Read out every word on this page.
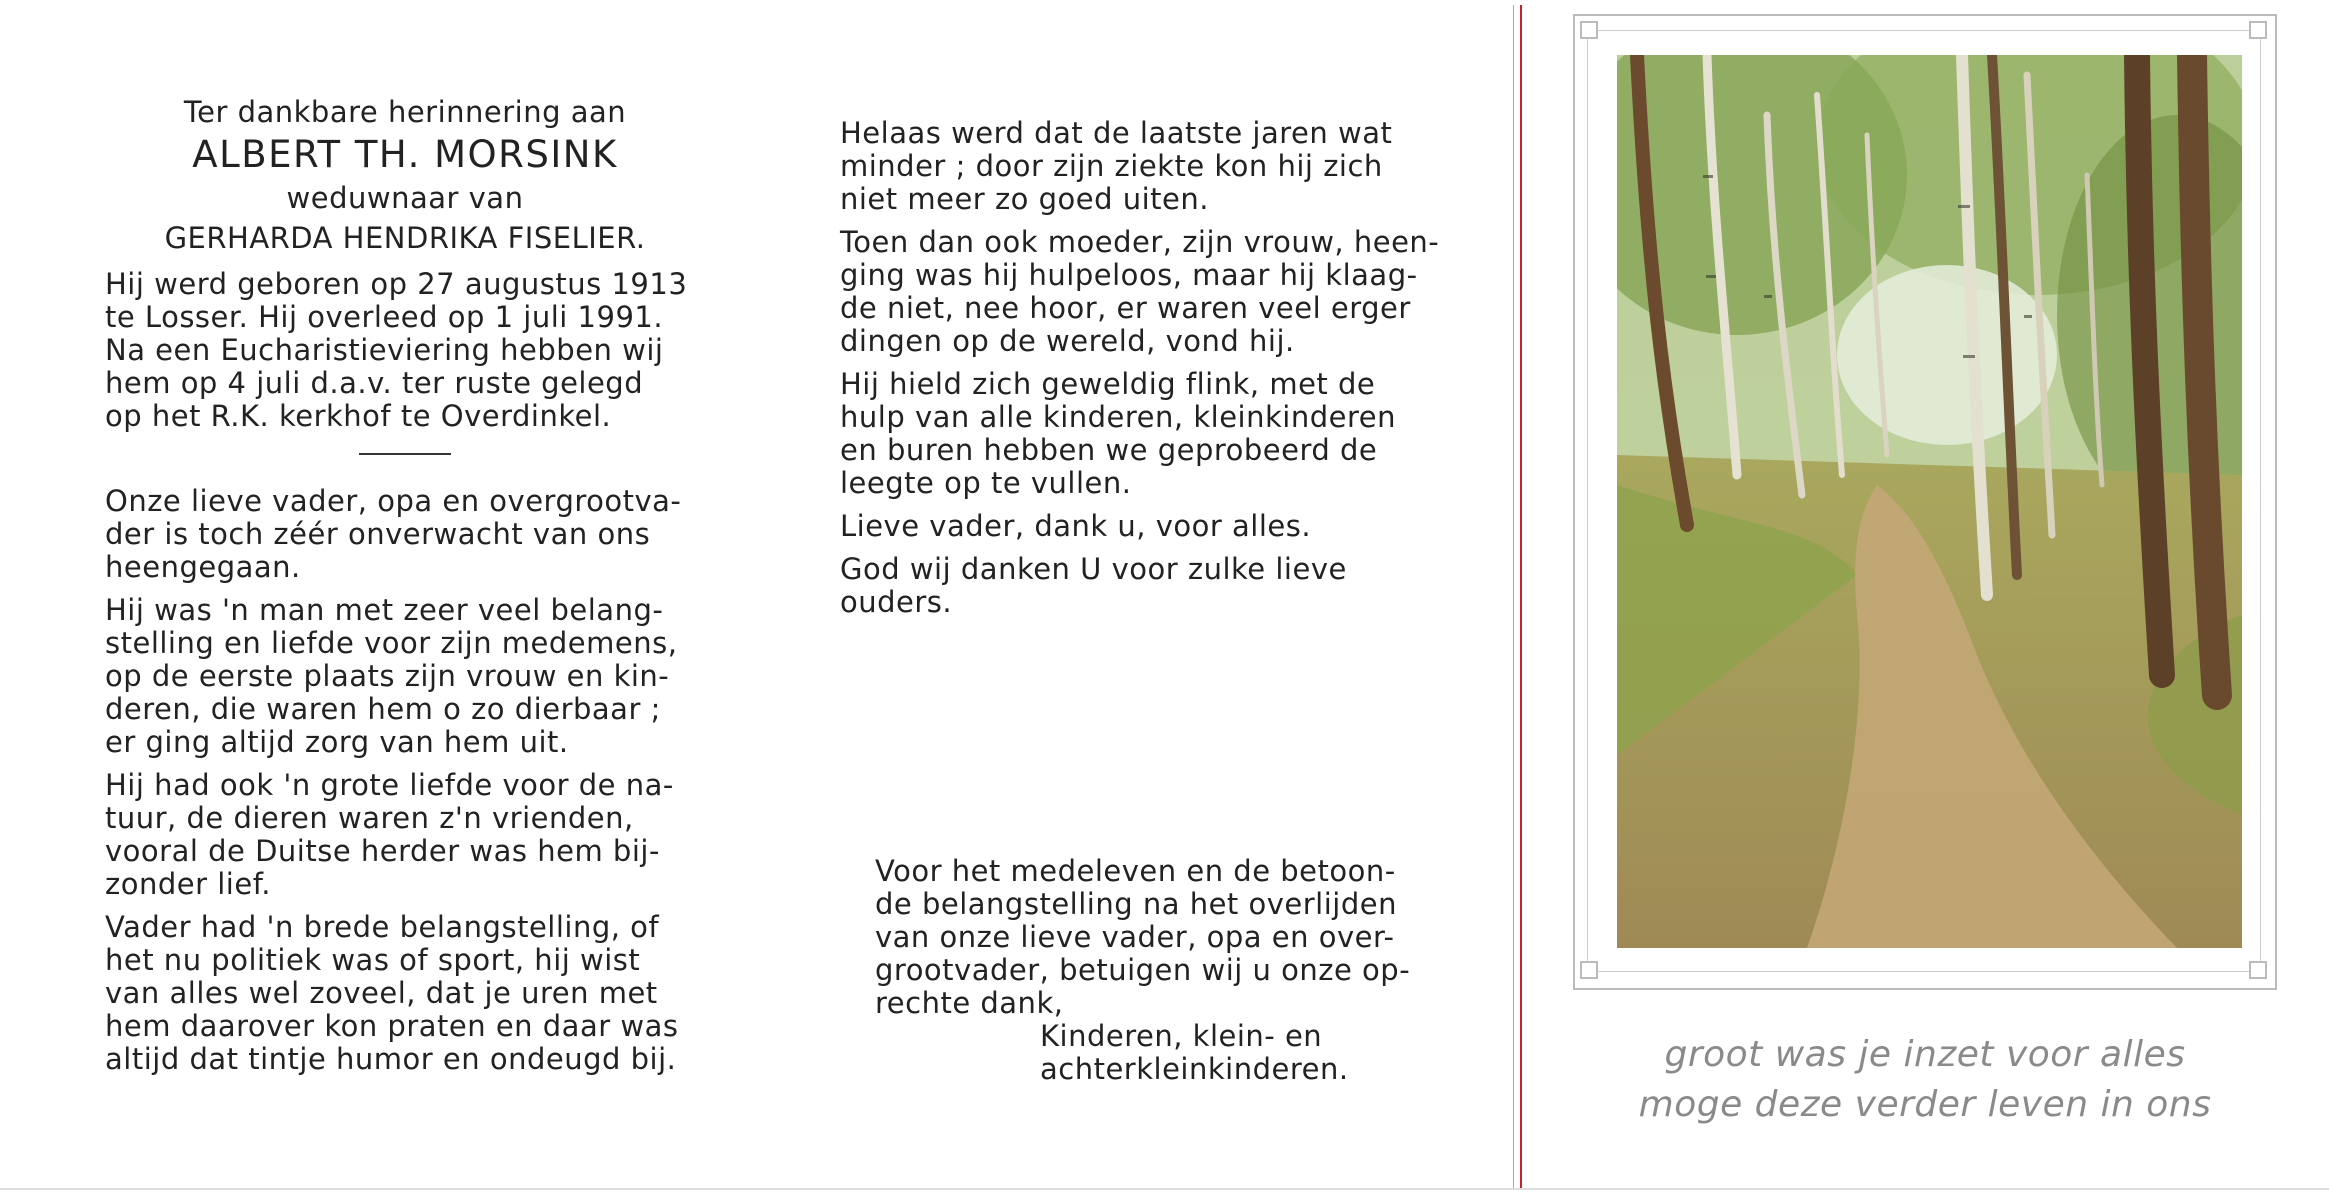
Ter dankbare herinnering aan
ALBERT TH. MORSINK
weduwnaar van
GERHARDA HENDRIKA FISELIER.
Hij werd geboren op 27 augustus 1913
te Losser. Hij overleed op 1 juli 1991.
Na een Eucharistieviering hebben wij
hem op 4 juli d.a.v. ter ruste gelegd
op het R.K. kerkhof te Overdinkel.
Onze lieve vader, opa en overgrootva-
der is toch zéér onverwacht van ons
heengegaan.
Hij was 'n man met zeer veel belang-
stelling en liefde voor zijn medemens,
op de eerste plaats zijn vrouw en kin-
deren, die waren hem o zo dierbaar ;
er ging altijd zorg van hem uit.
Hij had ook 'n grote liefde voor de na-
tuur, de dieren waren z'n vrienden,
vooral de Duitse herder was hem bij-
zonder lief.
Vader had 'n brede belangstelling, of
het nu politiek was of sport, hij wist
van alles wel zoveel, dat je uren met
hem daarover kon praten en daar was
altijd dat tintje humor en ondeugd bij.
Helaas werd dat de laatste jaren wat
minder ; door zijn ziekte kon hij zich
niet meer zo goed uiten.
Toen dan ook moeder, zijn vrouw, heen-
ging was hij hulpeloos, maar hij klaag-
de niet, nee hoor, er waren veel erger
dingen op de wereld, vond hij.
Hij hield zich geweldig flink, met de
hulp van alle kinderen, kleinkinderen
en buren hebben we geprobeerd de
leegte op te vullen.
Lieve vader, dank u, voor alles.
God wij danken U voor zulke lieve
ouders.
Voor het medeleven en de betoon-
de belangstelling na het overlijden
van onze lieve vader, opa en over-
grootvader, betuigen wij u onze op-
rechte dank,
Kinderen, klein- en
achterkleinkinderen.	groot was je inzet voor alles
moge deze verder leven in ons
